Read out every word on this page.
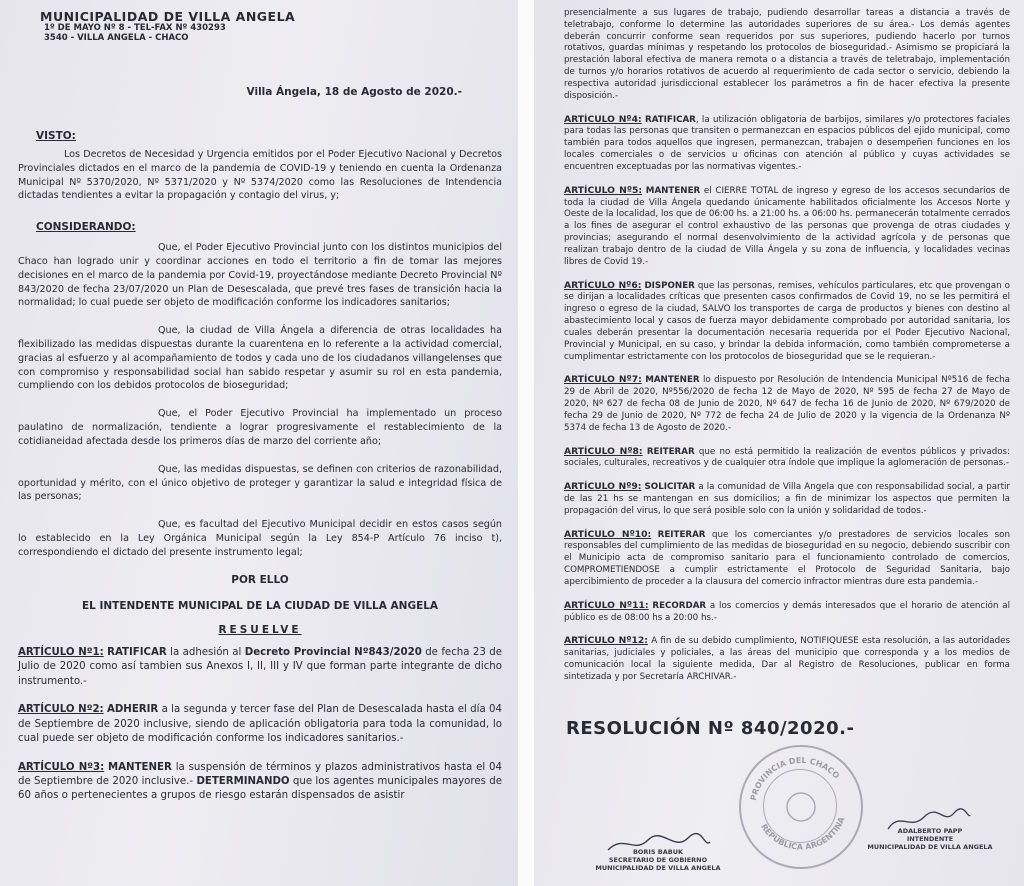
MUNICIPALIDAD DE VILLA ANGELA
1º DE MAYO Nº 8 - TEL-FAX Nº 430293
3540 - VILLA ANGELA - CHACO
Villa Ángela, 18 de Agosto de 2020.-
VISTO:
Los Decretos de Necesidad y Urgencia emitidos por el Poder Ejecutivo Nacional y Decretos Provinciales dictados en el marco de la pandemia de COVID-19 y teniendo en cuenta la Ordenanza Municipal Nº 5370/2020, Nº 5371/2020 y Nº 5374/2020 como las Resoluciones de Intendencia dictadas tendientes a evitar la propagación y contagio del virus, y;
CONSIDERANDO:
Que, el Poder Ejecutivo Provincial junto con los distintos municipios del Chaco han logrado unir y coordinar acciones en todo el territorio a fin de tomar las mejores decisiones en el marco de la pandemia por Covid-19, proyectándose mediante Decreto Provincial Nº 843/2020 de fecha 23/07/2020 un Plan de Desescalada, que prevé tres fases de transición hacia la normalidad; lo cual puede ser objeto de modificación conforme los indicadores sanitarios;
Que, la ciudad de Villa Ángela a diferencia de otras localidades ha flexibilizado las medidas dispuestas durante la cuarentena en lo referente a la actividad comercial, gracias al esfuerzo y al acompañamiento de todos y cada uno de los ciudadanos villangelenses que con compromiso y responsabilidad social han sabido respetar y asumir su rol en esta pandemia, cumpliendo con los debidos protocolos de bioseguridad;
Que, el Poder Ejecutivo Provincial ha implementado un proceso paulatino de normalización, tendiente a lograr progresivamente el restablecimiento de la cotidianeidad afectada desde los primeros días de marzo del corriente año;
Que, las medidas dispuestas, se definen con criterios de razonabilidad, oportunidad y mérito, con el único objetivo de proteger y garantizar la salud e integridad física de las personas;
Que, es facultad del Ejecutivo Municipal decidir en estos casos según lo establecido en la Ley Orgánica Municipal según la Ley 854-P Artículo 76 inciso t), correspondiendo el dictado del presente instrumento legal;
POR ELLO
EL INTENDENTE MUNICIPAL DE LA CIUDAD DE VILLA ANGELA
RESUELVE
ARTÍCULO Nº1: RATIFICAR la adhesión al Decreto Provincial Nº843/2020 de fecha 23 de Julio de 2020 como así tambien sus Anexos I, II, III y IV que forman parte integrante de dicho instrumento.-
ARTÍCULO Nº2: ADHERIR a la segunda y tercer fase del Plan de Desescalada hasta el día 04 de Septiembre de 2020 inclusive, siendo de aplicación obligatoria para toda la comunidad, lo cual puede ser objeto de modificación conforme los indicadores sanitarios.-
ARTÍCULO Nº3: MANTENER la suspensión de términos y plazos administrativos hasta el 04 de Septiembre de 2020 inclusive.- DETERMINANDO que los agentes municipales mayores de 60 años o pertenecientes a grupos de riesgo estarán dispensados de asistir
presencialmente a sus lugares de trabajo, pudiendo desarrollar tareas a distancia a través de teletrabajo, conforme lo determine las autoridades superiores de su área.- Los demás agentes deberán concurrir conforme sean requeridos por sus superiores, pudiendo hacerlo por turnos rotativos, guardas mínimas y respetando los protocolos de bioseguridad.- Asimismo se propiciará la prestación laboral efectiva de manera remota o a distancia a través de teletrabajo, implementación de turnos y/o horarios rotativos de acuerdo al requerimiento de cada sector o servicio, debiendo la respectiva autoridad jurisdiccional establecer los parámetros a fin de hacer efectiva la presente disposición.-
ARTÍCULO Nº4: RATIFICAR, la utilización obligatoria de barbijos, similares y/o protectores faciales para todas las personas que transiten o permanezcan en espacios públicos del ejido municipal, como también para todos aquellos que ingresen, permanezcan, trabajen o desempeñen funciones en los locales comerciales o de servicios u oficinas con atención al público y cuyas actividades se encuentren exceptuadas por las normativas vigentes.-
ARTÍCULO Nº5: MANTENER el CIERRE TOTAL de ingreso y egreso de los accesos secundarios de toda la ciudad de Villa Ángela quedando únicamente habilitados oficialmente los Accesos Norte y Oeste de la localidad, los que de 06:00 hs. a 21:00 hs. a 06:00 hs. permanecerán totalmente cerrados a los fines de asegurar el control exhaustivo de las personas que provenga de otras ciudades y provincias; asegurando el normal desenvolvimiento de la actividad agrícola y de personas que realizan trabajo dentro de la ciudad de Villa Ángela y su zona de influencia, y localidades vecinas libres de Covid 19.-
ARTÍCULO Nº6: DISPONER que las personas, remises, vehículos particulares, etc que provengan o se dirijan a localidades críticas que presenten casos confirmados de Covid 19, no se les permitirá el ingreso o egreso de la ciudad, SALVO los transportes de carga de productos y bienes con destino al abastecimiento local y casos de fuerza mayor debidamente comprobado por autoridad sanitaria, los cuales deberán presentar la documentación necesaria requerida por el Poder Ejecutivo Nacional, Provincial y Municipal, en su caso, y brindar la debida información, como también comprometerse a cumplimentar estrictamente con los protocolos de bioseguridad que se le requieran.-
ARTÍCULO Nº7: MANTENER lo dispuesto por Resolución de Intendencia Municipal Nº516 de fecha 29 de Abril de 2020, Nº556/2020 de fecha 12 de Mayo de 2020, Nº 595 de fecha 27 de Mayo de 2020, Nº 627 de fecha 08 de Junio de 2020, Nº 647 de fecha 16 de Junio de 2020, Nº 679/2020 de fecha 29 de Junio de 2020, Nº 772 de fecha 24 de Julio de 2020 y la vigencia de la Ordenanza Nº 5374 de fecha 13 de Agosto de 2020.-
ARTÍCULO Nº8: REITERAR que no está permitido la realización de eventos públicos y privados: sociales, culturales, recreativos y de cualquier otra índole que implique la aglomeración de personas.-
ARTÍCULO Nº9: SOLICITAR a la comunidad de Villa Angela que con responsabilidad social, a partir de las 21 hs se mantengan en sus domicilios; a fin de minimizar los aspectos que permiten la propagación del virus, lo que será posible solo con la unión y solidaridad de todos.-
ARTÍCULO Nº10: REITERAR que los comerciantes y/o prestadores de servicios locales son responsables del cumplimiento de las medidas de bioseguridad en su negocio, debiendo suscribir con el Municipio acta de compromiso sanitario para el funcionamiento controlado de comercios, COMPROMETIENDOSE a cumplir estrictamente el Protocolo de Seguridad Sanitaria, bajo apercibimiento de proceder a la clausura del comercio infractor mientras dure esta pandemia.-
ARTÍCULO Nº11: RECORDAR a los comercios y demás interesados que el horario de atención al público es de 08:00 hs a 20:00 hs.-
ARTÍCULO Nº12: A fin de su debido cumplimiento, NOTIFIQUESE esta resolución, a las autoridades sanitarias, judiciales y policiales, a las áreas del municipio que corresponda y a los medios de comunicación local la siguiente medida, Dar al Registro de Resoluciones, publicar en forma sintetizada y por Secretaría ARCHIVAR.-
RESOLUCIÓN Nº 840/2020.-
PROVINCIA DEL CHACO
REPÚBLICA ARGENTINA
BORIS BABUK
SECRETARIO DE GOBIERNO
MUNICIPALIDAD DE VILLA ANGELA
ADALBERTO PAPP
INTENDENTE
MUNICIPALIDAD DE VILLA ANGELA
